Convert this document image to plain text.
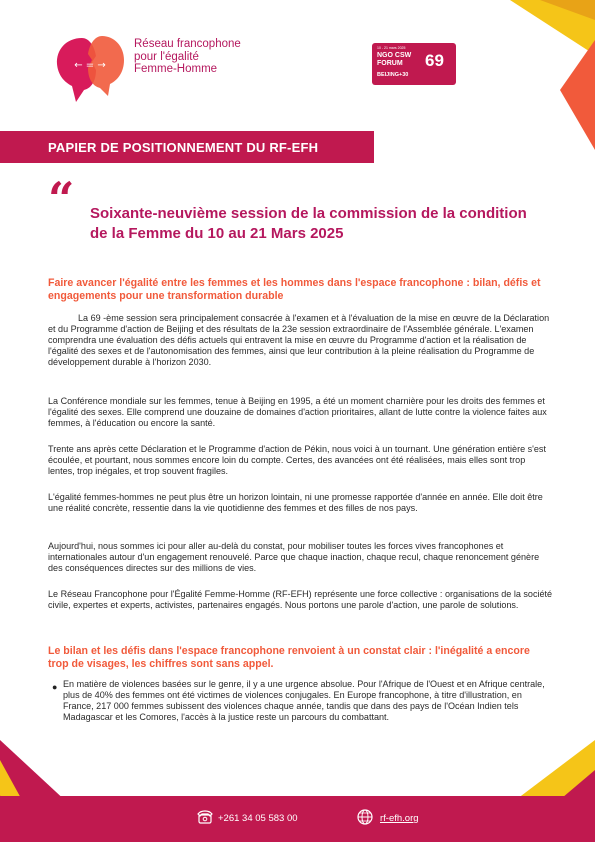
← = →
Réseau francophone
pour l'égalité
Femme-Homme
10 - 21 mars 2025
NGO CSW
FORUM 69
BEIJING+30
PAPIER DE POSITIONNEMENT DU RF-EFH
“ Soixante-neuvième session de la commission de la condition de la Femme du 10 au 21 Mars 2025
Faire avancer l'égalité entre les femmes et les hommes dans l'espace francophone : bilan, défis et engagements pour une transformation durable
La 69 -ème session sera principalement consacrée à l'examen et à l'évaluation de la mise en œuvre de la Déclaration et du Programme d'action de Beijing et des résultats de la 23e session extraordinaire de l'Assemblée générale. L'examen comprendra une évaluation des défis actuels qui entravent la mise en œuvre du Programme d'action et la réalisation de l'égalité des sexes et de l'autonomisation des femmes, ainsi que leur contribution à la pleine réalisation du Programme de développement durable à l'horizon 2030.
La Conférence mondiale sur les femmes, tenue à Beijing en 1995, a été un moment charnière pour les droits des femmes et l'égalité des sexes. Elle comprend une douzaine de domaines d'action prioritaires, allant de lutte contre la violence faites aux femmes, à l'éducation ou encore la santé.
Trente ans après cette Déclaration et le Programme d'action de Pékin, nous voici à un tournant. Une génération entière s'est écoulée, et pourtant, nous sommes encore loin du compte. Certes, des avancées ont été réalisées, mais elles sont trop lentes, trop inégales, et trop souvent fragiles.
L'égalité femmes-hommes ne peut plus être un horizon lointain, ni une promesse rapportée d'année en année. Elle doit être une réalité concrète, ressentie dans la vie quotidienne des femmes et des filles de nos pays.
Aujourd'hui, nous sommes ici pour aller au-delà du constat, pour mobiliser toutes les forces vives francophones et internationales autour d'un engagement renouvelé. Parce que chaque inaction, chaque recul, chaque renoncement génère des conséquences directes sur des millions de vies.
Le Réseau Francophone pour l'Égalité Femme-Homme (RF-EFH) représente une force collective : organisations de la société civile, expertes et experts, activistes, partenaires engagés. Nous portons une parole d'action, une parole de solutions.
Le bilan et les défis dans l'espace francophone renvoient à un constat clair : l'inégalité a encore trop de visages, les chiffres sont sans appel.
● En matière de violences basées sur le genre, il y a une urgence absolue. Pour l'Afrique de l'Ouest et en Afrique centrale, plus de 40% des femmes ont été victimes de violences conjugales. En Europe francophone, à titre d'illustration, en France, 217 000 femmes subissent des violences chaque année, tandis que dans des pays de l'Océan Indien tels Madagascar et les Comores, l'accès à la justice reste un parcours du combattant.
+261 34 05 583 00	rf-efh.org
